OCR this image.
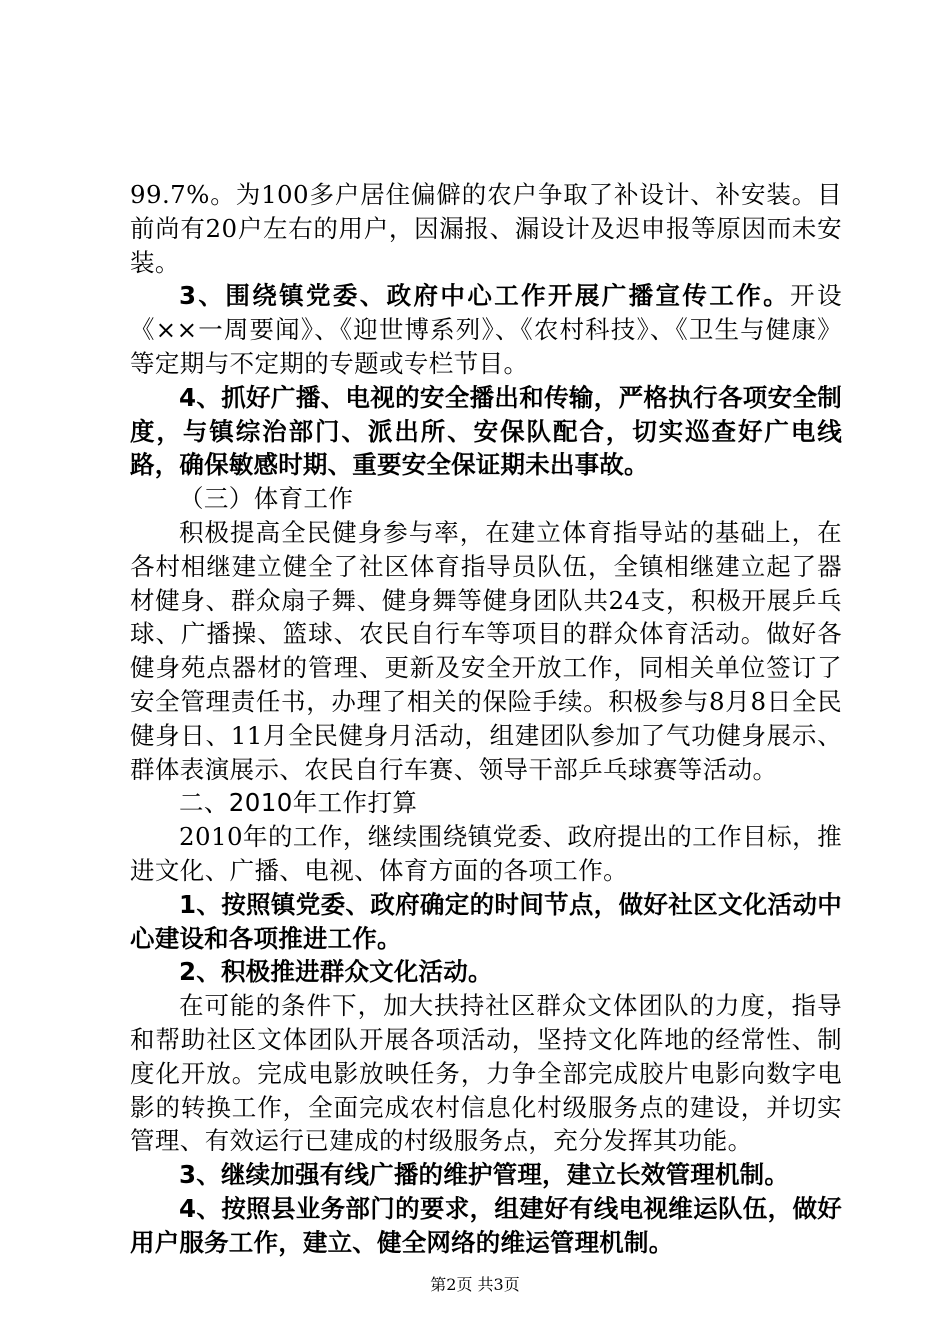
99.7%。为100多户居住偏僻的农户争取了补设计、补安装。目前尚有20户左右的用户，因漏报、漏设计及迟申报等原因而未安装。

3、围绕镇党委、政府中心工作开展广播宣传工作。开设《××一周要闻》、《迎世博系列》、《农村科技》、《卫生与健康》等定期与不定期的专题或专栏节目。

4、抓好广播、电视的安全播出和传输，严格执行各项安全制度，与镇综治部门、派出所、安保队配合，切实巡查好广电线路，确保敏感时期、重要安全保证期未出事故。

（三）体育工作

积极提高全民健身参与率，在建立体育指导站的基础上，在各村相继建立健全了社区体育指导员队伍，全镇相继建立起了器材健身、群众扇子舞、健身舞等健身团队共24支，积极开展乒乓球、广播操、篮球、农民自行车等项目的群众体育活动。做好各健身苑点器材的管理、更新及安全开放工作，同相关单位签订了安全管理责任书，办理了相关的保险手续。积极参与8月8日全民健身日、11月全民健身月活动，组建团队参加了气功健身展示、群体表演展示、农民自行车赛、领导干部乒乓球赛等活动。

二、2010年工作打算

2010年的工作，继续围绕镇党委、政府提出的工作目标，推进文化、广播、电视、体育方面的各项工作。

1、按照镇党委、政府确定的时间节点，做好社区文化活动中心建设和各项推进工作。

2、积极推进群众文化活动。

在可能的条件下，加大扶持社区群众文体团队的力度，指导和帮助社区文体团队开展各项活动，坚持文化阵地的经常性、制度化开放。完成电影放映任务，力争全部完成胶片电影向数字电影的转换工作，全面完成农村信息化村级服务点的建设，并切实管理、有效运行已建成的村级服务点，充分发挥其功能。

3、继续加强有线广播的维护管理，建立长效管理机制。

4、按照县业务部门的要求，组建好有线电视维运队伍，做好用户服务工作，建立、健全网络的维运管理机制。

第2页 共3页
